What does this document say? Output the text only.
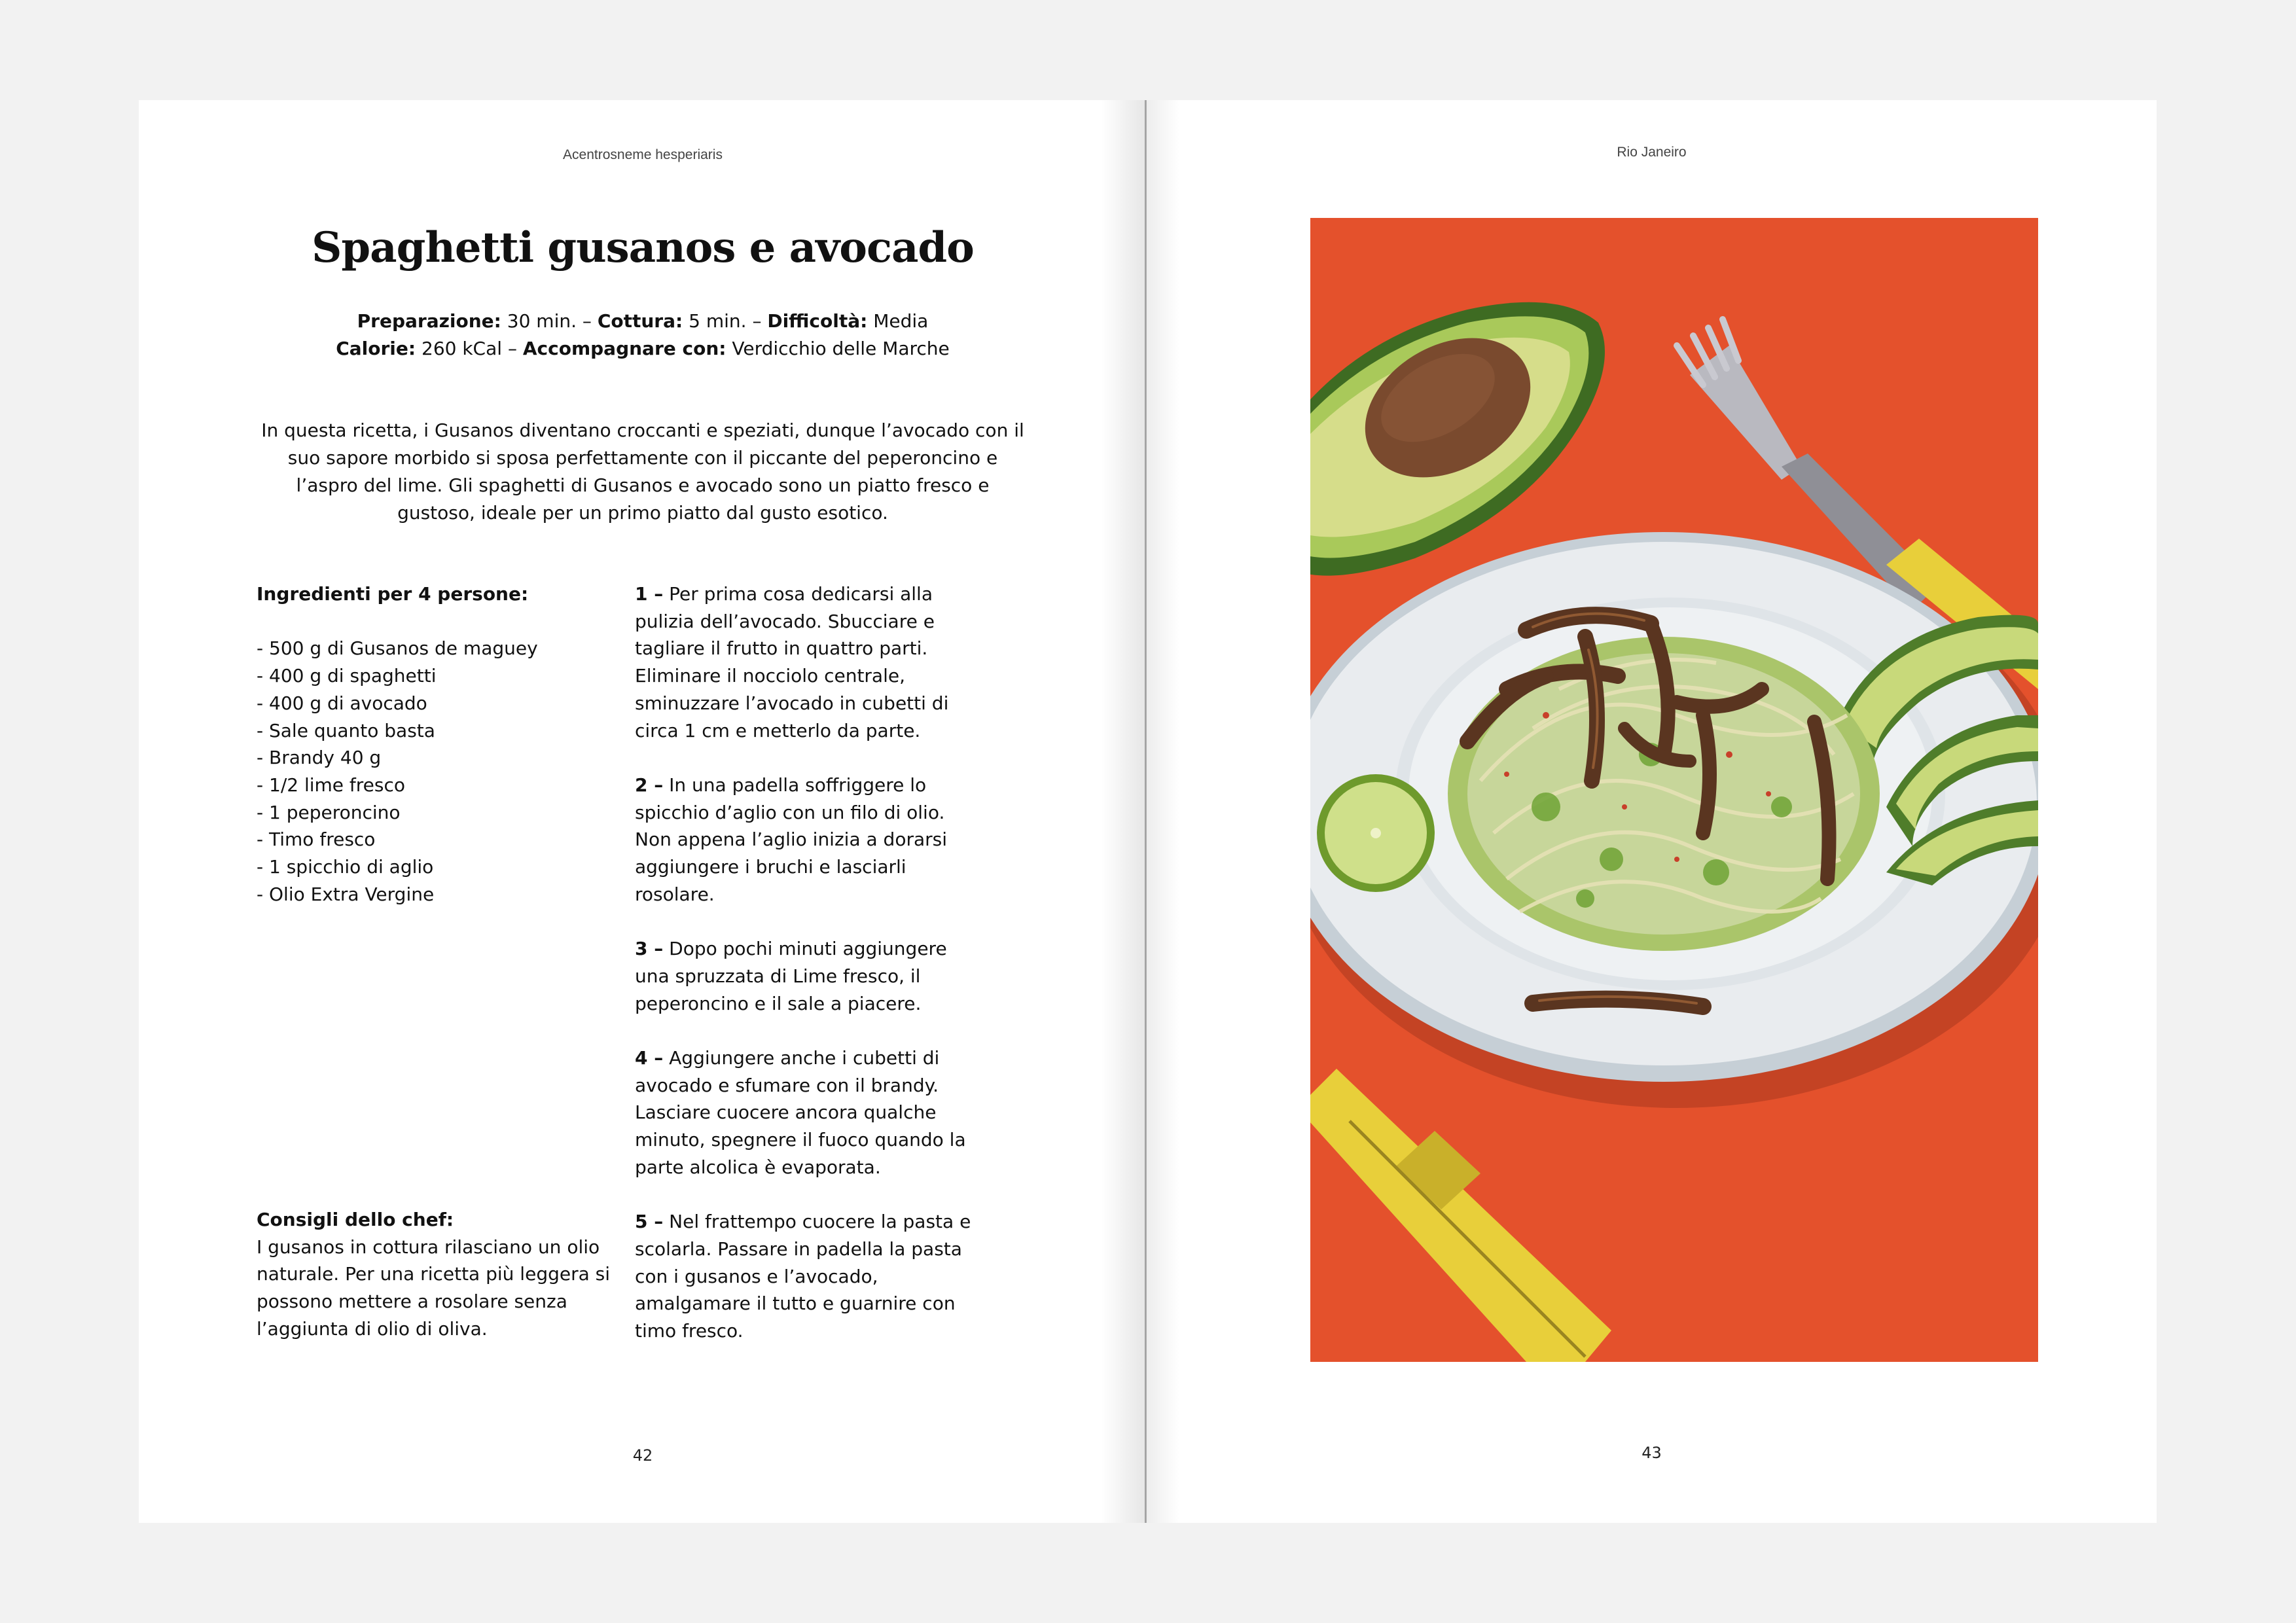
Acentrosneme hesperiaris
Spaghetti gusanos e avocado
Preparazione: 30 min. – Cottura: 5 min. – Difficoltà: Media
Calorie: 260 kCal – Accompagnare con: Verdicchio delle Marche

In questa ricetta, i Gusanos diventano croccanti e speziati, dunque l’avocado con il suo sapore morbido si sposa perfettamente con il piccante del peperoncino e l’aspro del lime. Gli spaghetti di Gusanos e avocado sono un piatto fresco e gustoso, ideale per un primo piatto dal gusto esotico.

Ingredienti per 4 persone:

- 500 g di Gusanos de maguey
- 400 g di spaghetti
- 400 g di avocado
- Sale quanto basta
- Brandy 40 g
- 1/2 lime fresco
- 1 peperoncino
- Timo fresco
- 1 spicchio di aglio
- Olio Extra Vergine
Consigli dello chef:
I gusanos in cottura rilasciano un olio naturale. Per una ricetta più leggera si possono mettere a rosolare senza l’aggiunta di olio di oliva.

1 – Per prima cosa dedicarsi alla pulizia dell’avocado. Sbucciare e tagliare il frutto in quattro parti. Eliminare il nocciolo centrale, sminuzzare l’avocado in cubetti di circa 1 cm e metterlo da parte.

2 – In una padella soffriggere lo spicchio d’aglio con un filo di olio. Non appena l’aglio inizia a dorarsi aggiungere i bruchi e lasciarli rosolare.

3 – Dopo pochi minuti aggiungere una spruzzata di Lime fresco, il peperoncino e il sale a piacere.

4 – Aggiungere anche i cubetti di avocado e sfumare con il brandy. Lasciare cuocere ancora qualche minuto, spegnere il fuoco quando la parte alcolica è evaporata.

5 – Nel frattempo cuocere la pasta e scolarla. Passare in padella la pasta con i gusanos e l’avocado, amalgamare il tutto e guarnire con timo fresco.

42
Rio Janeiro
43
